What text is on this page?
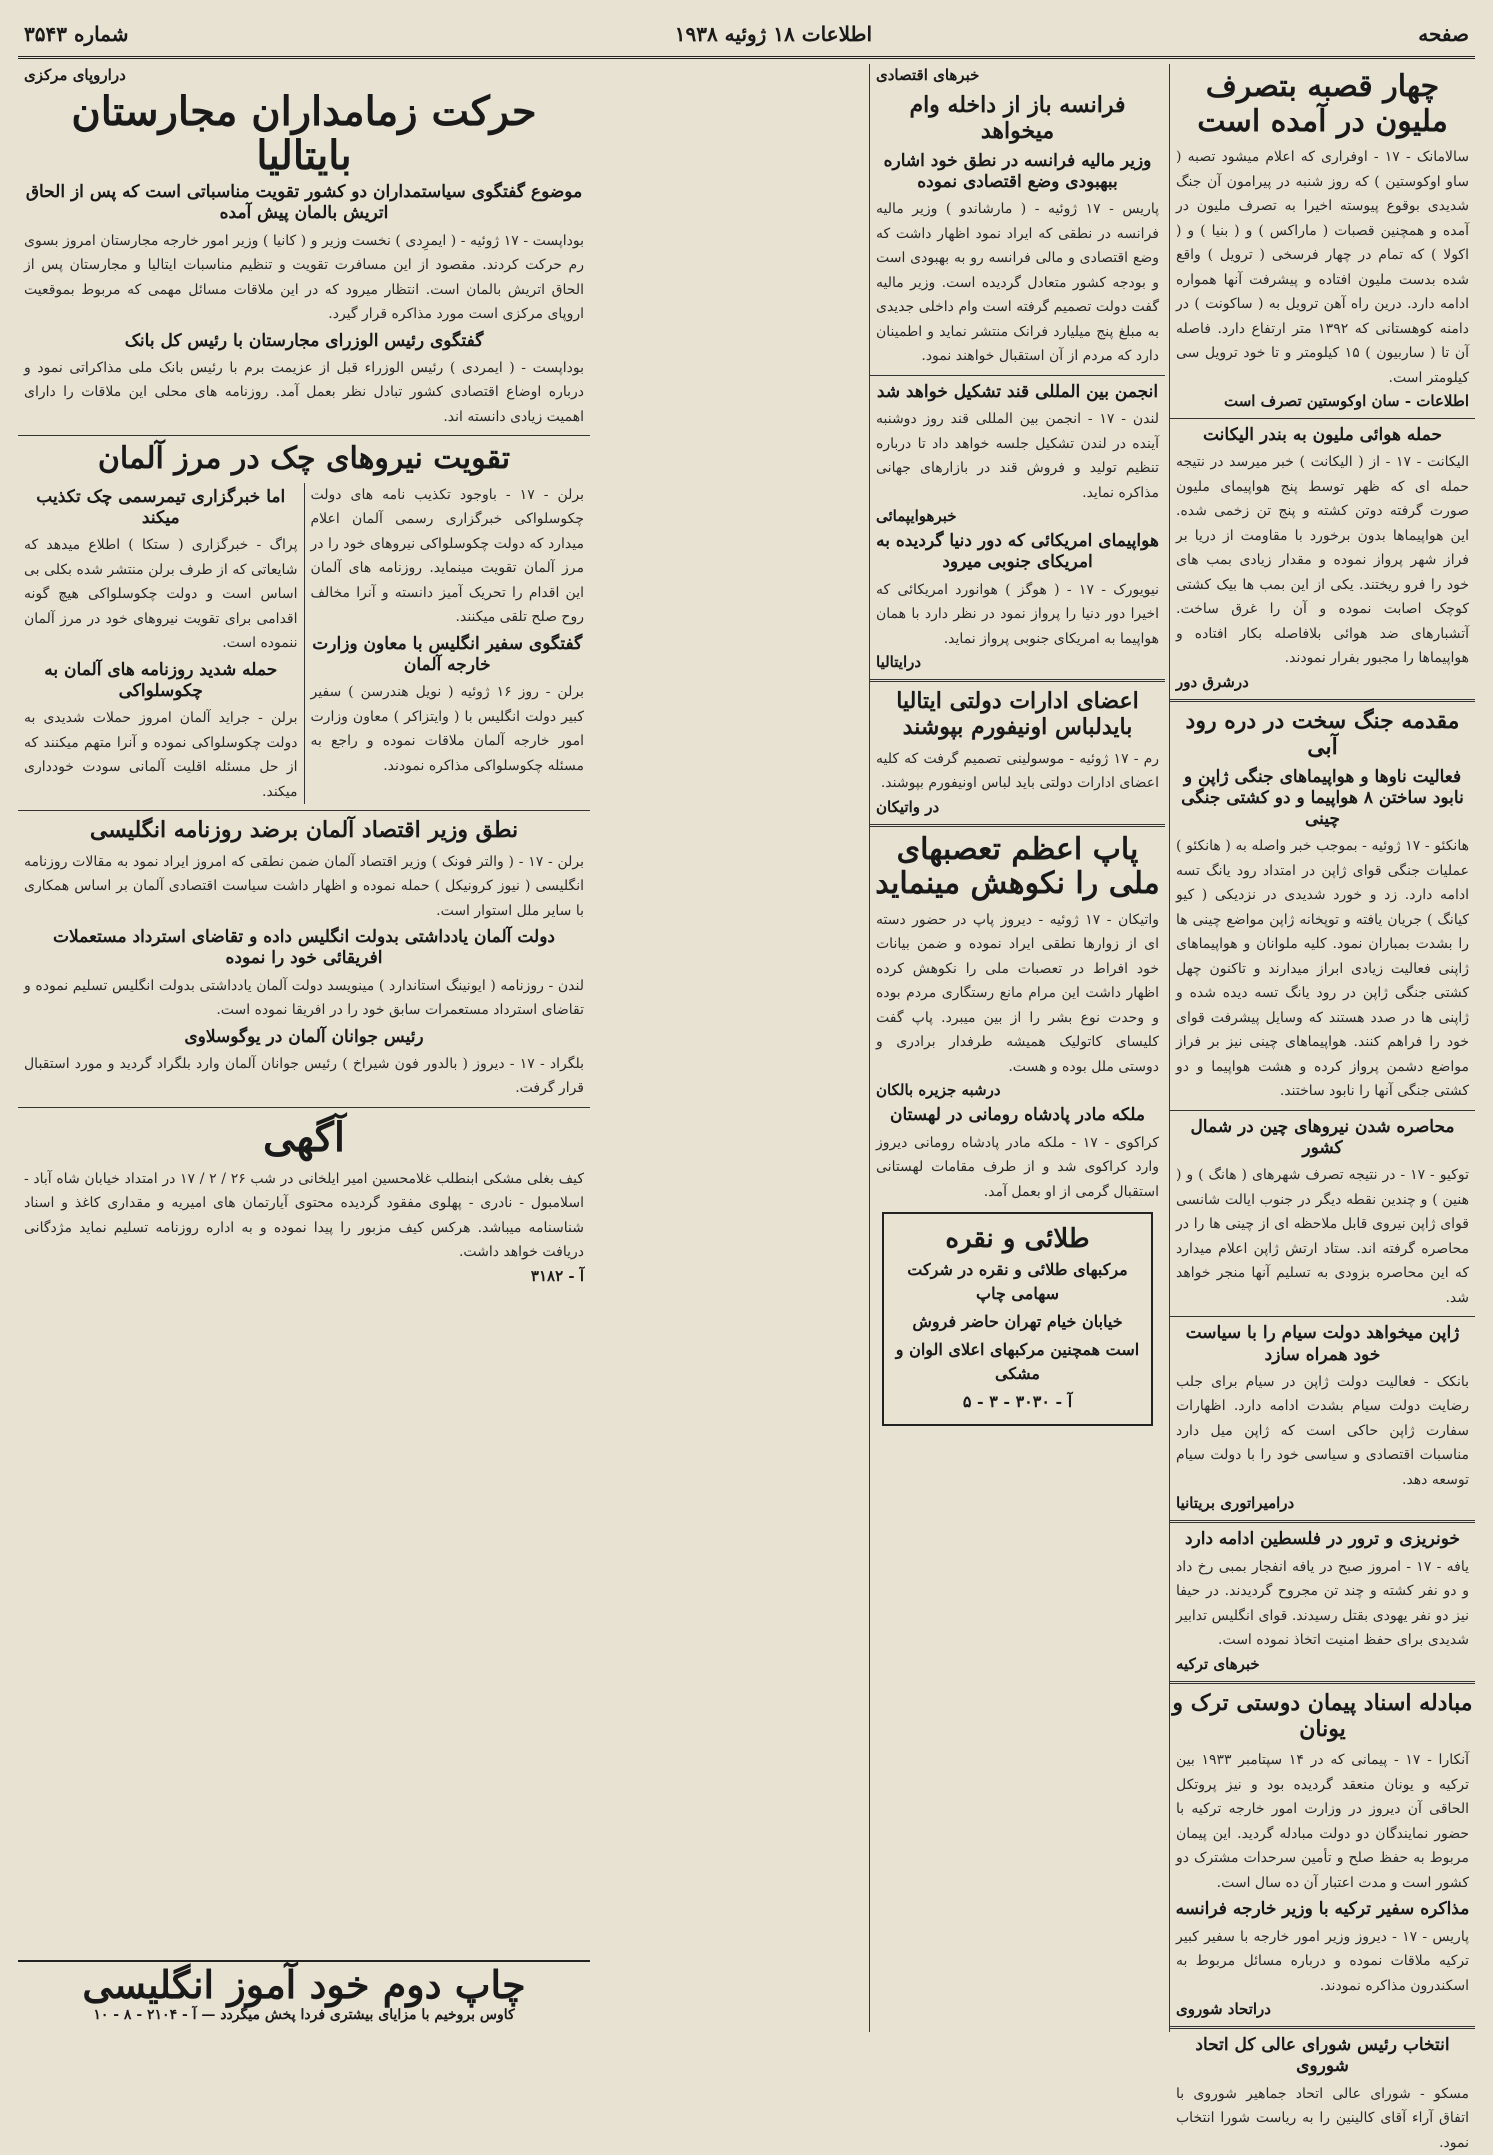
صفحه
اطلاعات ۱۸ ژوئیه ۱۹۳۸
شماره ۳۵۴۳
چهار قصبه بتصرف ملیون در آمده است
سالامانک - ۱۷ - اوفراری که اعلام میشود تصبه ( ساو اوکوستین ) که روز شنبه در پیرامون آن جنگ شدیدی بوقوع پیوسته اخیرا به تصرف ملیون در آمده و همچنین قصبات ( ماراکس ) و ( بنیا ) و ( اکولا ) که تمام در چهار فرسخی ( ترویل ) واقع شده بدست ملیون افتاده و پیشرفت آنها همواره ادامه دارد. درین راه آهن ترویل به ( ساکونت ) در دامنه کوهستانی که ۱۳۹۲ متر ارتفاع دارد. فاصله آن تا ( ساربیون ) ۱۵ کیلومتر و تا خود ترویل سی کیلومتر است.
اطلاعات - سان اوکوستین تصرف است
حمله هوائی ملیون به بندر الیکانت
الیکانت - ۱۷ - از ( الیکانت ) خبر میرسد در نتیجه حمله ای که ظهر توسط پنج هواپیمای ملیون صورت گرفته دوتن کشته و پنج تن زخمی شده. این هواپیماها بدون برخورد با مقاومت از دریا بر فراز شهر پرواز نموده و مقدار زیادی بمب های خود را فرو ریختند. یکی از این بمب ها بیک کشتی کوچک اصابت نموده و آن را غرق ساخت. آتشبارهای ضد هوائی بلافاصله بکار افتاده و هواپیماها را مجبور بفرار نمودند.
درشرق دور
مقدمه جنگ سخت در دره رود آبی
فعالیت ناوها و هواپیماهای جنگی ژاپن و نابود ساختن ۸ هواپیما و دو کشتی جنگی چینی
هانکئو - ۱۷ ژوئیه - بموجب خبر واصله به ( هانکئو ) عملیات جنگی قوای ژاپن در امتداد رود یانگ تسه ادامه دارد. زد و خورد شدیدی در نزدیکی ( کیو کیانگ ) جریان یافته و توپخانه ژاپن مواضع چینی ها را بشدت بمباران نمود. کلیه ملوانان و هواپیماهای ژاپنی فعالیت زیادی ابراز میدارند و تاکنون چهل کشتی جنگی ژاپن در رود یانگ تسه دیده شده و ژاپنی ها در صدد هستند که وسایل پیشرفت قوای خود را فراهم کنند. هواپیماهای چینی نیز بر فراز مواضع دشمن پرواز کرده و هشت هواپیما و دو کشتی جنگی آنها را نابود ساختند.
محاصره شدن نیروهای چین در شمال کشور
توکیو - ۱۷ - در نتیجه تصرف شهرهای ( هانگ ) و ( هنین ) و چندین نقطه دیگر در جنوب ایالت شانسی قوای ژاپن نیروی قابل ملاحظه ای از چینی ها را در محاصره گرفته اند. ستاد ارتش ژاپن اعلام میدارد که این محاصره بزودی به تسلیم آنها منجر خواهد شد.
ژاپن میخواهد دولت سیام را با سیاست خود همراه سازد
بانکک - فعالیت دولت ژاپن در سیام برای جلب رضایت دولت سیام بشدت ادامه دارد. اظهارات سفارت ژاپن حاکی است که ژاپن میل دارد مناسبات اقتصادی و سیاسی خود را با دولت سیام توسعه دهد.
دراميراتوری بریتانیا
خونریزی و ترور در فلسطین ادامه دارد
یافه - ۱۷ - امروز صبح در یافه انفجار بمبی رخ داد و دو نفر کشته و چند تن مجروح گردیدند. در حیفا نیز دو نفر یهودی بقتل رسیدند. قوای انگلیس تدابیر شدیدی برای حفظ امنیت اتخاذ نموده است.
خبرهای ترکیه
مبادله اسناد پیمان دوستی ترک و یونان
آنکارا - ۱۷ - پیمانی که در ۱۴ سپتامبر ۱۹۳۳ بین ترکیه و یونان منعقد گردیده بود و نیز پروتکل الحاقی آن دیروز در وزارت امور خارجه ترکیه با حضور نمایندگان دو دولت مبادله گردید. این پیمان مربوط به حفظ صلح و تأمین سرحدات مشترک دو کشور است و مدت اعتبار آن ده سال است.
مذاکره سفیر ترکیه با وزیر خارجه فرانسه
پاریس - ۱۷ - دیروز وزیر امور خارجه با سفیر کبیر ترکیه ملاقات نموده و درباره مسائل مربوط به اسکندرون مذاکره نمودند.
دراتحاد شوروی
انتخاب رئیس شورای عالی کل اتحاد شوروی
مسکو - شورای عالی اتحاد جماهیر شوروی با اتفاق آراء آقای کالینین را به ریاست شورا انتخاب نمود.
خبرهای اقتصادی
فرانسه باز از داخله وام میخواهد
وزیر مالیه فرانسه در نطق خود اشاره ببهبودی وضع اقتصادی نموده
پاریس - ۱۷ ژوئیه - ( مارشاندو ) وزیر مالیه فرانسه در نطقی که ایراد نمود اظهار داشت که وضع اقتصادی و مالی فرانسه رو به بهبودی است و بودجه کشور متعادل گردیده است. وزیر مالیه گفت دولت تصمیم گرفته است وام داخلی جدیدی به مبلغ پنج میلیارد فرانک منتشر نماید و اطمینان دارد که مردم از آن استقبال خواهند نمود.
انجمن بین المللی قند تشکیل خواهد شد
لندن - ۱۷ - انجمن بین المللی قند روز دوشنبه آینده در لندن تشکیل جلسه خواهد داد تا درباره تنظیم تولید و فروش قند در بازارهای جهانی مذاکره نماید.
خبرهوایپمائی
هواپیمای امریکائی که دور دنیا گردیده به امریکای جنوبی میرود
نیویورک - ۱۷ - ( هوگز ) هوانورد امریکائی که اخیرا دور دنیا را پرواز نمود در نظر دارد با همان هواپیما به امریکای جنوبی پرواز نماید.
درایتالیا
اعضای ادارات دولتی ایتالیا بایدلباس اونیفورم بپوشند
رم - ۱۷ ژوئیه - موسولینی تصمیم گرفت که کلیه اعضای ادارات دولتی باید لباس اونیفورم بپوشند.
در واتیکان
پاپ اعظم تعصبهای ملی را نکوهش مینماید
واتیکان - ۱۷ ژوئیه - دیروز پاپ در حضور دسته ای از زوارها نطقی ایراد نموده و ضمن بیانات خود افراط در تعصبات ملی را نکوهش کرده اظهار داشت این مرام مانع رستگاری مردم بوده و وحدت نوع بشر را از بین میبرد. پاپ گفت کلیسای کاتولیک همیشه طرفدار برادری و دوستی ملل بوده و هست.
درشبه جزیره بالکان
ملکه مادر پادشاه رومانی در لهستان
کراکوی - ۱۷ - ملکه مادر پادشاه رومانی دیروز وارد کراکوی شد و از طرف مقامات لهستانی استقبال گرمی از او بعمل آمد.
طلائی و نقره
مرکبهای طلائی و نقره در شرکت سهامی چاپ
خیابان خیام تهران حاضر فروش
است همچنین مرکبهای اعلای الوان و مشکی
آ - ۳۰۳۰ - ۳ - ۵
دراروپای مرکزی
حرکت زمامداران مجارستان بایتالیا
موضوع گفتگوی سیاستمداران دو کشور تقویت مناسباتی است که پس از الحاق اتریش بالمان پیش آمده
بوداپست - ۱۷ ژوئیه - ( ایمرِدی ) نخست وزیر و ( کانیا ) وزیر امور خارجه مجارستان امروز بسوی رم حرکت کردند. مقصود از این مسافرت تقویت و تنظیم مناسبات ایتالیا و مجارستان پس از الحاق اتریش بالمان است. انتظار میرود که در این ملاقات مسائل مهمی که مربوط بموقعیت اروپای مرکزی است مورد مذاکره قرار گیرد.
گفتگوی رئیس الوزرای مجارستان با رئیس کل بانک
بوداپست - ( ایمردی ) رئیس الوزراء قبل از عزیمت برم با رئیس بانک ملی مذاکراتی نمود و درباره اوضاع اقتصادی کشور تبادل نظر بعمل آمد. روزنامه های محلی این ملاقات را دارای اهمیت زیادی دانسته اند.
تقویت نیروهای چک در مرز آلمان
برلن - ۱۷ - باوجود تکذیب نامه های دولت چکوسلواکی خبرگزاری رسمی آلمان اعلام میدارد که دولت چکوسلواکی نیروهای خود را در مرز آلمان تقویت مینماید. روزنامه های آلمان این اقدام را تحریک آمیز دانسته و آنرا مخالف روح صلح تلقی میکنند.
گفتگوی سفیر انگلیس با معاون وزارت خارجه آلمان
برلن - روز ۱۶ ژوئیه ( نویل هندرسن ) سفیر کبیر دولت انگلیس با ( وایتزاکر ) معاون وزارت امور خارجه آلمان ملاقات نموده و راجع به مسئله چکوسلواکی مذاکره نمودند.
اما خبرگزاری تیمرسمی چک تکذیب میکند
پراگ - خبرگزاری ( ستکا ) اطلاع میدهد که شایعاتی که از طرف برلن منتشر شده بکلی بی اساس است و دولت چکوسلواکی هیچ گونه اقدامی برای تقویت نیروهای خود در مرز آلمان ننموده است.
حمله شدید روزنامه های آلمان به چکوسلواکی
برلن - جراید آلمان امروز حملات شدیدی به دولت چکوسلواکی نموده و آنرا متهم میکنند که از حل مسئله اقلیت آلمانی سودت خودداری میکند.
نطق وزیر اقتصاد آلمان برضد روزنامه انگلیسی
برلن - ۱۷ - ( والتر فونک ) وزیر اقتصاد آلمان ضمن نطقی که امروز ایراد نمود به مقالات روزنامه انگلیسی ( نیوز کرونیکل ) حمله نموده و اظهار داشت سیاست اقتصادی آلمان بر اساس همکاری با سایر ملل استوار است.
دولت آلمان یادداشتی بدولت انگلیس داده و تقاضای استرداد مستعملات افریقائی خود را نموده
لندن - روزنامه ( ایونینگ استاندارد ) مینویسد دولت آلمان یادداشتی بدولت انگلیس تسلیم نموده و تقاضای استرداد مستعمرات سابق خود را در افریقا نموده است.
رئیس جوانان آلمان در یوگوسلاوی
بلگراد - ۱۷ - دیروز ( بالدور فون شیراخ ) رئیس جوانان آلمان وارد بلگراد گردید و مورد استقبال قرار گرفت.
آگهی
کیف بغلی مشکی ابنطلب غلامحسین امیر ایلخانی در شب ۲۶ / ۲ / ۱۷ در امتداد خیابان شاه آباد - اسلامبول - نادری - پهلوی مفقود گردیده محتوی آیارتمان های امیریه و مقداری کاغذ و اسناد شناسنامه میباشد. هرکس کیف مزبور را پیدا نموده و به اداره روزنامه تسلیم نماید مژدگانی دریافت خواهد داشت.
آ - ۳۱۸۲
چاپ دوم خود آموز انگلیسی
کاوس بروخیم با مزایای بیشتری فردا پخش میگردد — آ - ۲۱۰۴ - ۸ - ۱۰
